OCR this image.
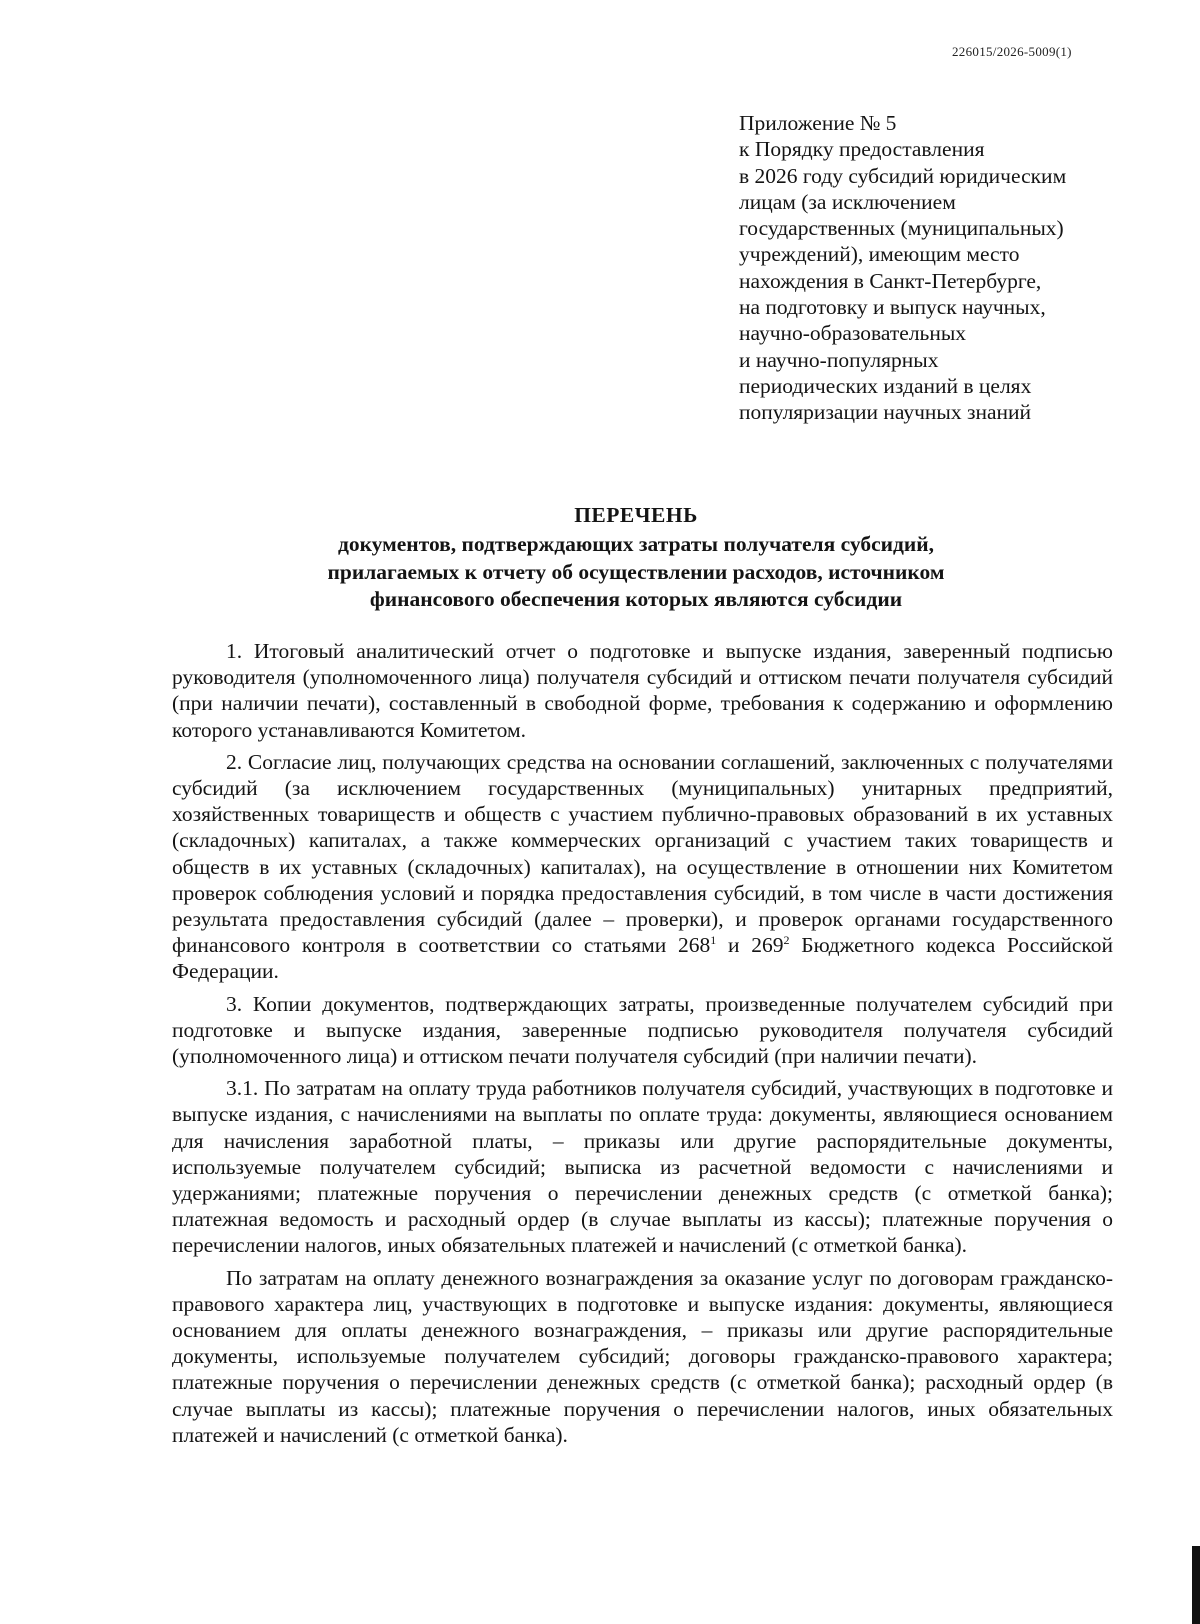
226015/2026-5009(1)
Приложение № 5
к Порядку предоставления
в 2026 году субсидий юридическим
лицам (за исключением
государственных (муниципальных)
учреждений), имеющим место
нахождения в Санкт-Петербурге,
на подготовку и выпуск научных,
научно-образовательных
и научно-популярных
периодических изданий в целях
популяризации научных знаний
ПЕРЕЧЕНЬ
документов, подтверждающих затраты получателя субсидий,
прилагаемых к отчету об осуществлении расходов, источником
финансового обеспечения которых являются субсидии

1. Итоговый аналитический отчет о подготовке и выпуске издания, заверенный подписью руководителя (уполномоченного лица) получателя субсидий и оттиском печати получателя субсидий (при наличии печати), составленный в свободной форме, требования к содержанию и оформлению которого устанавливаются Комитетом.

2. Согласие лиц, получающих средства на основании соглашений, заключенных с получателями субсидий (за исключением государственных (муниципальных) унитарных предприятий, хозяйственных товариществ и обществ с участием публично-правовых образований в их уставных (складочных) капиталах, а также коммерческих организаций с участием таких товариществ и обществ в их уставных (складочных) капиталах), на осуществление в отношении них Комитетом проверок соблюдения условий и порядка предоставления субсидий, в том числе в части достижения результата предоставления субсидий (далее – проверки), и проверок органами государственного финансового контроля в соответствии со статьями $268^1$ и $269^2$ Бюджетного кодекса Российской Федерации.

3. Копии документов, подтверждающих затраты, произведенные получателем субсидий при подготовке и выпуске издания, заверенные подписью руководителя получателя субсидий (уполномоченного лица) и оттиском печати получателя субсидий (при наличии печати).

3.1. По затратам на оплату труда работников получателя субсидий, участвующих в подготовке и выпуске издания, с начислениями на выплаты по оплате труда: документы, являющиеся основанием для начисления заработной платы, – приказы или другие распорядительные документы, используемые получателем субсидий; выписка из расчетной ведомости с начислениями и удержаниями; платежные поручения о перечислении денежных средств (с отметкой банка); платежная ведомость и расходный ордер (в случае выплаты из кассы); платежные поручения о перечислении налогов, иных обязательных платежей и начислений (с отметкой банка).

По затратам на оплату денежного вознаграждения за оказание услуг по договорам гражданско-правового характера лиц, участвующих в подготовке и выпуске издания: документы, являющиеся основанием для оплаты денежного вознаграждения, – приказы или другие распорядительные документы, используемые получателем субсидий; договоры гражданско-правового характера; платежные поручения о перечислении денежных средств (с отметкой банка); расходный ордер (в случае выплаты из кассы); платежные поручения о перечислении налогов, иных обязательных платежей и начислений (с отметкой банка).
